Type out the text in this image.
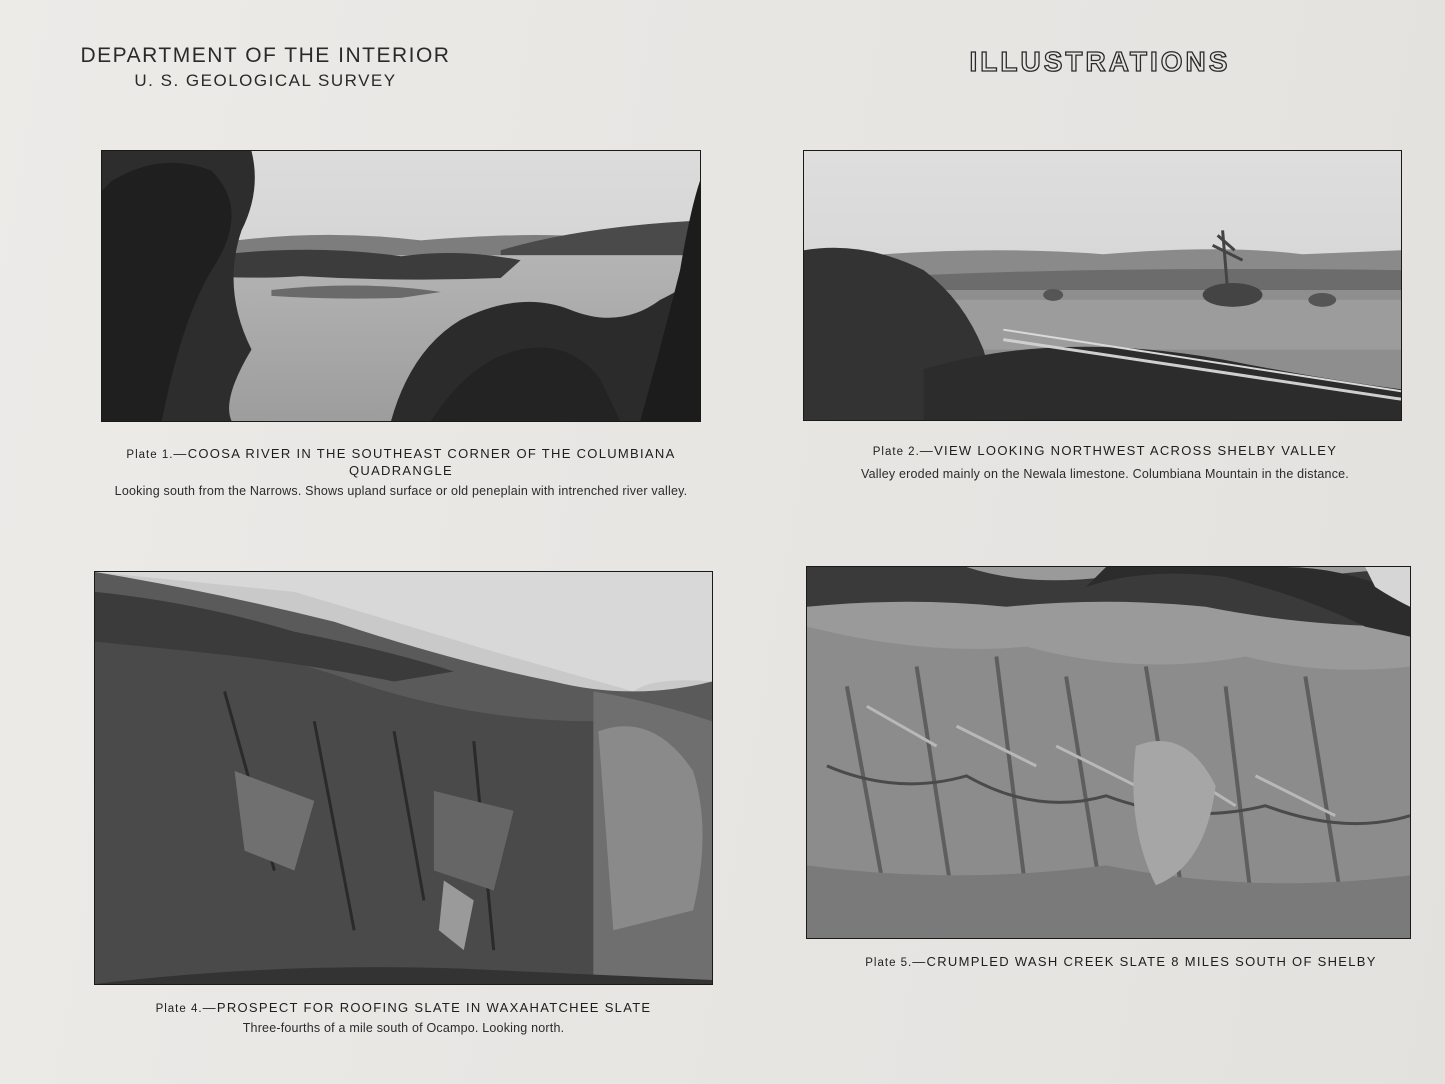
DEPARTMENT OF THE INTERIOR
U. S. GEOLOGICAL SURVEY
ILLUSTRATIONS
Plate 1.—COOSA RIVER IN THE SOUTHEAST CORNER OF THE COLUMBIANA QUADRANGLE
Looking south from the Narrows. Shows upland surface or old peneplain with intrenched river valley.
Plate 2.—VIEW LOOKING NORTHWEST ACROSS SHELBY VALLEY
Valley eroded mainly on the Newala limestone. Columbiana Mountain in the distance.
Plate 4.—PROSPECT FOR ROOFING SLATE IN WAXAHATCHEE SLATE
Three-fourths of a mile south of Ocampo. Looking north.
Plate 5.—CRUMPLED WASH CREEK SLATE 8 MILES SOUTH OF SHELBY
